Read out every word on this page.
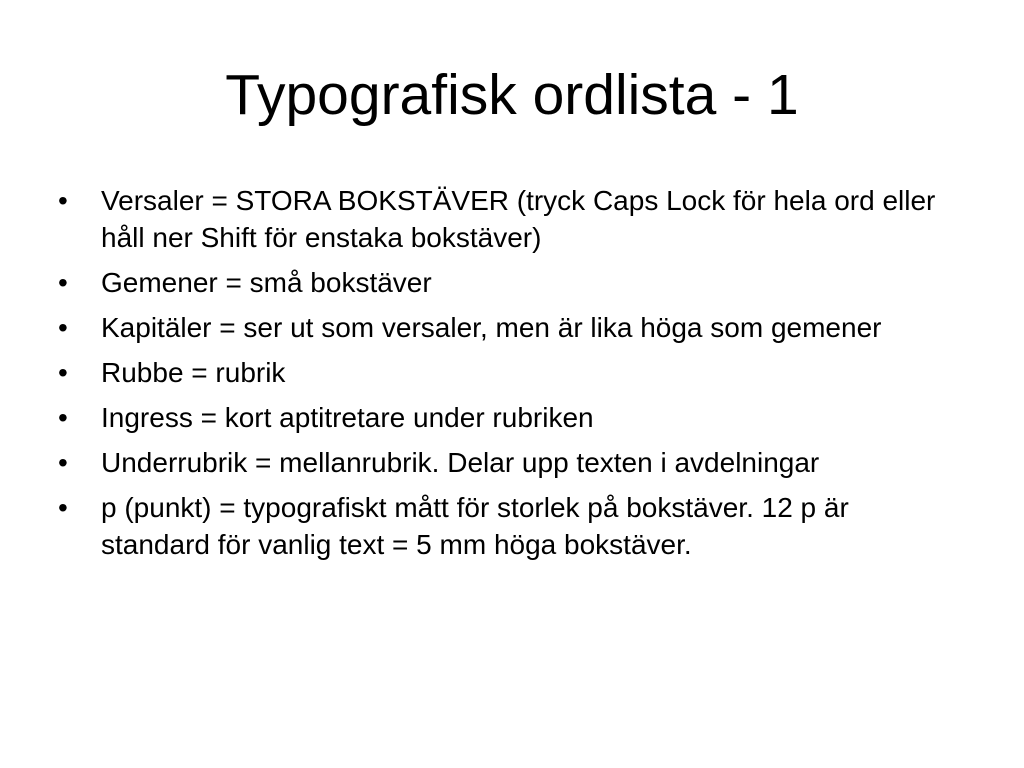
Typografisk ordlista - 1
•	Versaler = STORA BOKSTÄVER (tryck Caps Lock för hela ord eller håll ner Shift för enstaka bokstäver)
•	Gemener = små bokstäver
•	Kapitäler = ser ut som versaler, men är lika höga som gemener
•	Rubbe = rubrik
•	Ingress = kort aptitretare under rubriken
•	Underrubrik = mellanrubrik. Delar upp texten i avdelningar
•	p (punkt) = typografiskt mått för storlek på bokstäver. 12 p är standard för vanlig text = 5 mm höga bokstäver.
